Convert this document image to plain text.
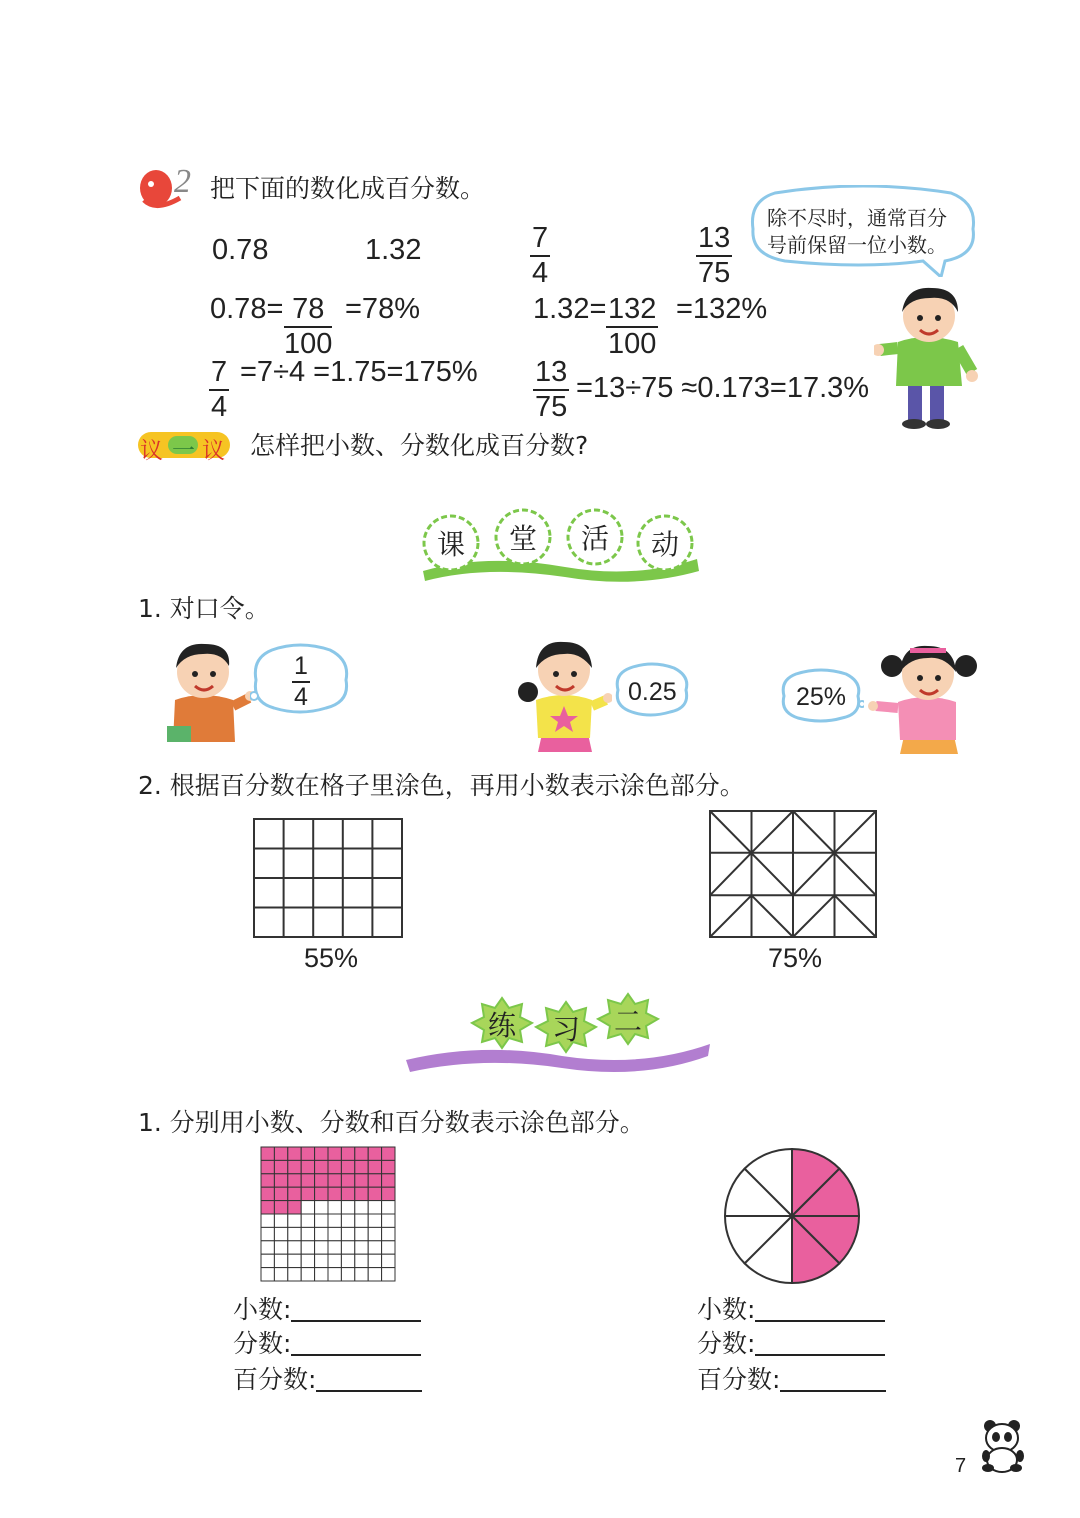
2 把下面的数化成百分数。
0.78	1.32	$\frac{7}{4}$	$\frac{13}{75}$
$0.78= \frac{78}{100} =78\%$	$1.32= \frac{132}{100} =132\%$
$\frac{7}{4} =7\div 4 =1.75=175\% \frac{13}{75} =13\div 75 \approx 0.173=17.3\%$
除不尽时，通常百分号前保留一位小数。
议 一 议 怎样把小数、分数化成百分数?
课	堂	活	动
1. 对口令。
$\frac{1}{4}$	0.25	25%
2. 根据百分数在格子里涂色，再用小数表示涂色部分。
55%	75%
练 习 二
1. 分别用小数、分数和百分数表示涂色部分。
小数:
分数:
百分数:
小数:
分数:
百分数:
7
